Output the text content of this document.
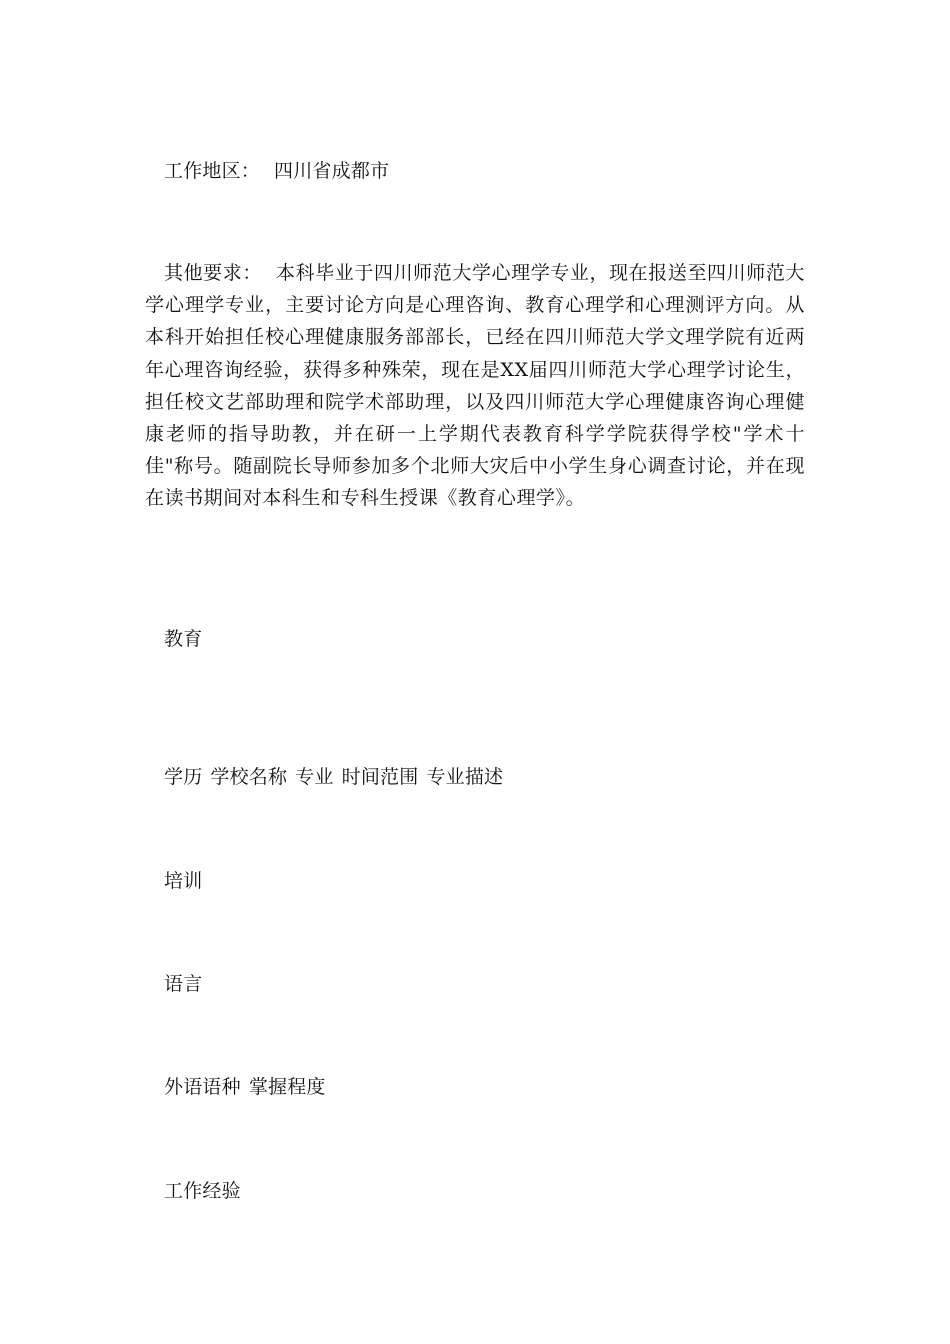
工作地区： 四川省成都市
其他要求： 本科毕业于四川师范大学心理学专业，现在报送至四川师范大学心理学专业，主要讨论方向是心理咨询、教育心理学和心理测评方向。从本科开始担任校心理健康服务部部长，已经在四川师范大学文理学院有近两年心理咨询经验，获得多种殊荣，现在是XX届四川师范大学心理学讨论生，担任校文艺部助理和院学术部助理，以及四川师范大学心理健康咨询心理健康老师的指导助教，并在研一上学期代表教育科学学院获得学校"学术十佳"称号。随副院长导师参加多个北师大灾后中小学生身心调查讨论，并在现在读书期间对本科生和专科生授课《教育心理学》。
教育
学历 学校名称 专业 时间范围 专业描述
培训
语言
外语语种 掌握程度
工作经验
